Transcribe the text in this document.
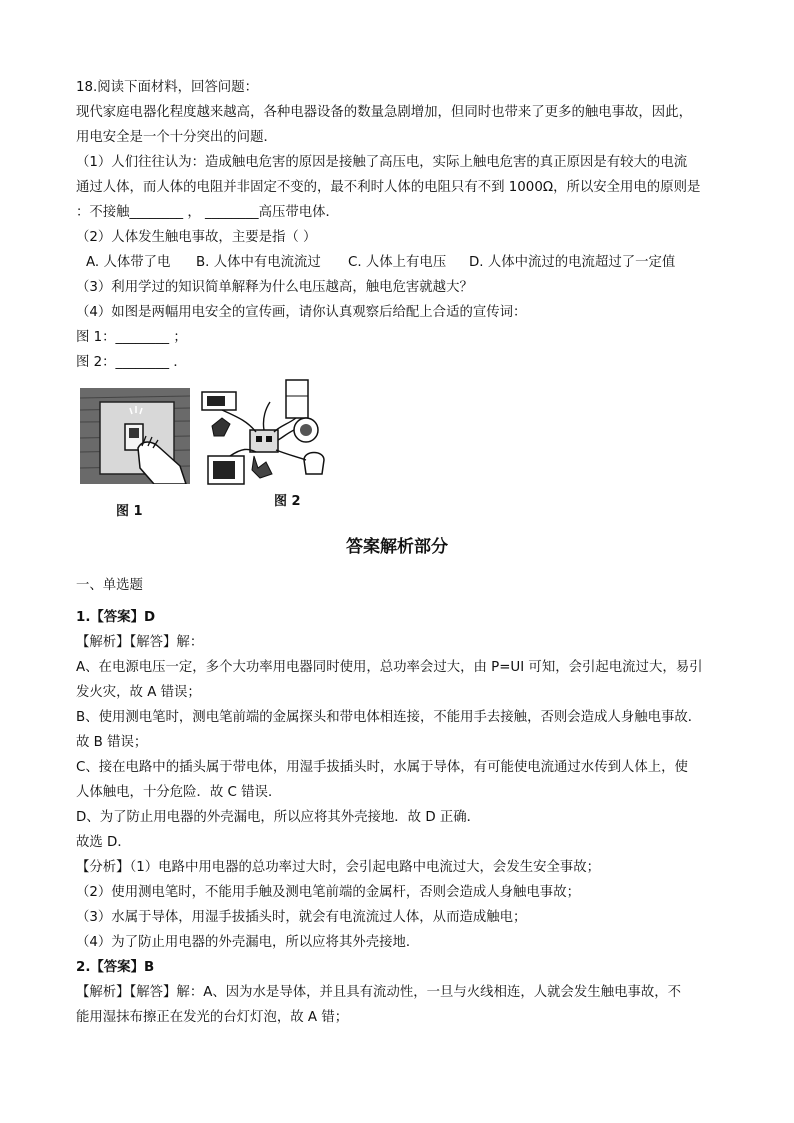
18.阅读下面材料，回答问题：
现代家庭电器化程度越来越高，各种电器设备的数量急剧增加，但同时也带来了更多的触电事故，因此，
用电安全是一个十分突出的问题．
（1）人们往往认为：造成触电危害的原因是接触了高压电，实际上触电危害的真正原因是有较大的电流
通过人体，而人体的电阻并非固定不变的，最不利时人体的电阻只有不到 1000Ω，所以安全用电的原则是
：不接触________ ， ________高压带电体．
（2）人体发生触电事故，主要是指（ ）
A. 人体带了电 B. 人体中有电流流过 C. 人体上有电压 D. 人体中流过的电流超过了一定值
（3）利用学过的知识简单解释为什么电压越高，触电危害就越大？
（4）如图是两幅用电安全的宣传画，请你认真观察后给配上合适的宣传词：
图 1：________ ；
图 2：________ ．
图 1
图 2
答案解析部分
一、单选题
1.【答案】D
【解析】【解答】解：
A、在电源电压一定，多个大功率用电器同时使用，总功率会过大，由 P=UI 可知，会引起电流过大，易引
发火灾，故 A 错误；
B、使用测电笔时，测电笔前端的金属探头和带电体相连接，不能用手去接触，否则会造成人身触电事故．
故 B 错误；
C、接在电路中的插头属于带电体，用湿手拔插头时，水属于导体，有可能使电流通过水传到人体上，使
人体触电，十分危险．故 C 错误．
D、为了防止用电器的外壳漏电，所以应将其外壳接地．故 D 正确．
故选 D．
【分析】（1）电路中用电器的总功率过大时，会引起电路中电流过大，会发生安全事故；
（2）使用测电笔时，不能用手触及测电笔前端的金属杆，否则会造成人身触电事故；
（3）水属于导体，用湿手拔插头时，就会有电流流过人体，从而造成触电；
（4）为了防止用电器的外壳漏电，所以应将其外壳接地．
2.【答案】B
【解析】【解答】解：A、因为水是导体，并且具有流动性，一旦与火线相连，人就会发生触电事故，不
能用湿抹布擦正在发光的台灯灯泡，故 A 错；
